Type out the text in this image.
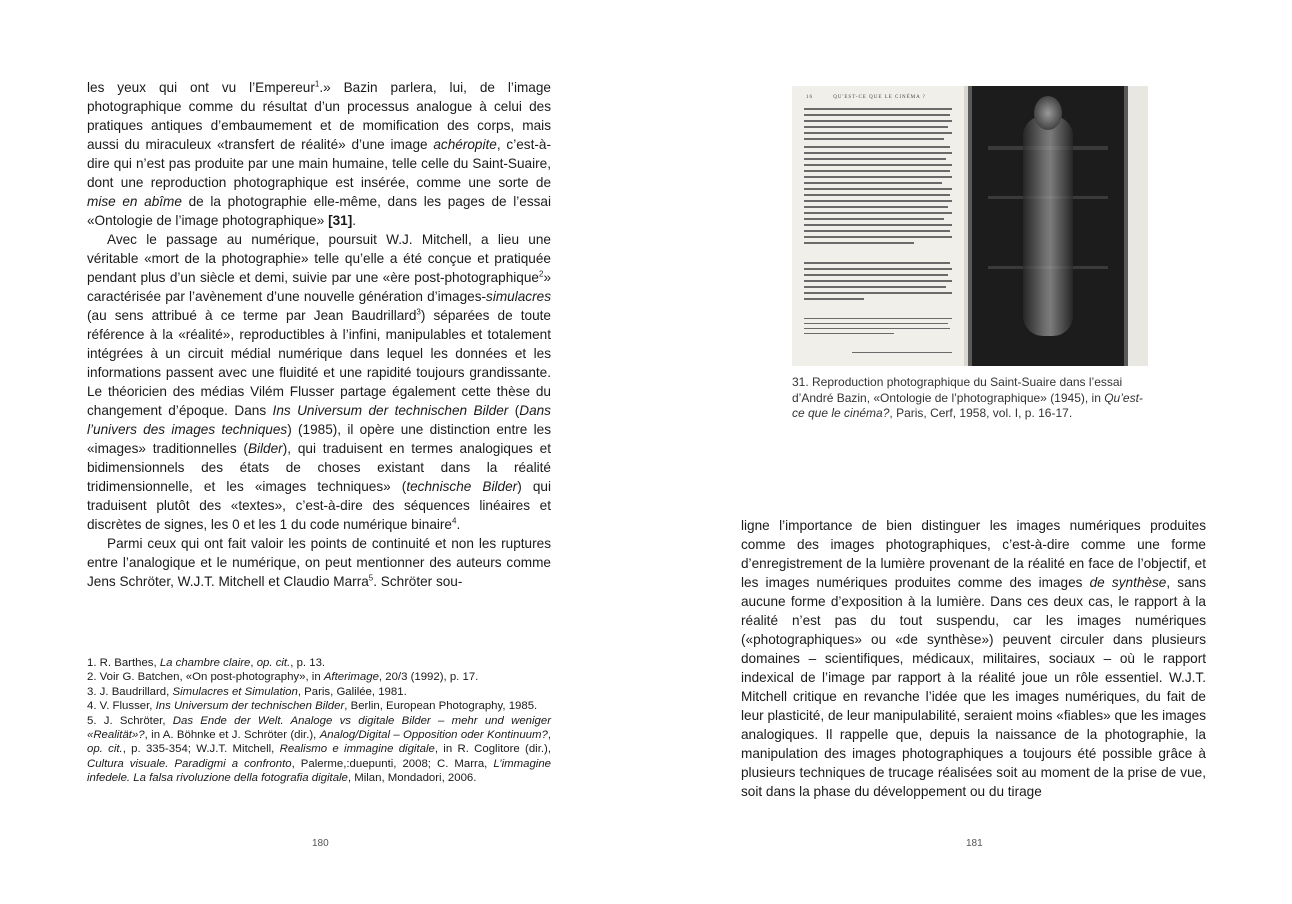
les yeux qui ont vu l’Empereur$^1$.» Bazin parlera, lui, de l’image photographique comme du résultat d’un processus analogue à celui des pratiques antiques d’embaumement et de momification des corps, mais aussi du miraculeux «transfert de réalité» d’une image achéropite, c’est-à-dire qui n’est pas produite par une main humaine, telle celle du Saint-Suaire, dont une reproduction photographique est insérée, comme une sorte de mise en abîme de la photographie elle-même, dans les pages de l’essai «Ontologie de l’image photographique» [31].

Avec le passage au numérique, poursuit W.J. Mitchell, a lieu une véritable «mort de la photographie» telle qu’elle a été conçue et pratiquée pendant plus d’un siècle et demi, suivie par une «ère post-photographique$^2$» caractérisée par l’avènement d’une nouvelle génération d’images-simulacres (au sens attribué à ce terme par Jean Baudrillard$^3$) séparées de toute référence à la «réalité», reproductibles à l’infini, manipulables et totalement intégrées à un circuit médial numérique dans lequel les données et les informations passent avec une fluidité et une rapidité toujours grandissante. Le théoricien des médias Vilém Flusser partage également cette thèse du changement d’époque. Dans Ins Universum der technischen Bilder (Dans l’univers des images techniques) (1985), il opère une distinction entre les «images» traditionnelles (Bilder), qui traduisent en termes analogiques et bidimensionnels des états de choses existant dans la réalité tridimensionnelle, et les «images techniques» (technische Bilder) qui traduisent plutôt des «textes», c’est-à-dire des séquences linéaires et discrètes de signes, les 0 et les 1 du code numérique binaire$^4$.

Parmi ceux qui ont fait valoir les points de continuité et non les ruptures entre l’analogique et le numérique, on peut mentionner des auteurs comme Jens Schröter, W.J.T. Mitchell et Claudio Marra$^5$. Schröter sou-

1. R. Barthes, La chambre claire, op. cit., p. 13.
2. Voir G. Batchen, «On post-photography», in Afterimage, 20/3 (1992), p. 17.
3. J. Baudrillard, Simulacres et Simulation, Paris, Galilée, 1981.
4. V. Flusser, Ins Universum der technischen Bilder, Berlin, European Photography, 1985.
5. J. Schröter, Das Ende der Welt. Analoge vs digitale Bilder – mehr und weniger «Realität»?, in A. Böhnke et J. Schröter (dir.), Analog/Digital – Opposition oder Kontinuum?, op. cit., p. 335-354; W.J.T. Mitchell, Realismo e immagine digitale, in R. Coglitore (dir.), Cultura visuale. Paradigmi a confronto, Palerme,:duepunti, 2008; C. Marra, L’immagine infedele. La falsa rivoluzione della fotografia digitale, Milan, Mondadori, 2006.
180
16         QU'EST-CE QUE LE CINÉMA ?

31. Reproduction photographique du Saint-Suaire dans l’essai d’André Bazin, «Ontologie de l’photographique» (1945), in Qu’est-ce que le cinéma?, Paris, Cerf, 1958, vol. I, p. 16-17.

ligne l’importance de bien distinguer les images numériques produites comme des images photographiques, c’est-à-dire comme une forme d’enregistrement de la lumière provenant de la réalité en face de l’objectif, et les images numériques produites comme des images de synthèse, sans aucune forme d’exposition à la lumière. Dans ces deux cas, le rapport à la réalité n’est pas du tout suspendu, car les images numériques («photographiques» ou «de synthèse») peuvent circuler dans plusieurs domaines – scientifiques, médicaux, militaires, sociaux – où le rapport indexical de l’image par rapport à la réalité joue un rôle essentiel. W.J.T. Mitchell critique en revanche l’idée que les images numériques, du fait de leur plasticité, de leur manipulabilité, seraient moins «fiables» que les images analogiques. Il rappelle que, depuis la naissance de la photographie, la manipulation des images photographiques a toujours été possible grâce à plusieurs techniques de trucage réalisées soit au moment de la prise de vue, soit dans la phase du développement ou du tirage

181
